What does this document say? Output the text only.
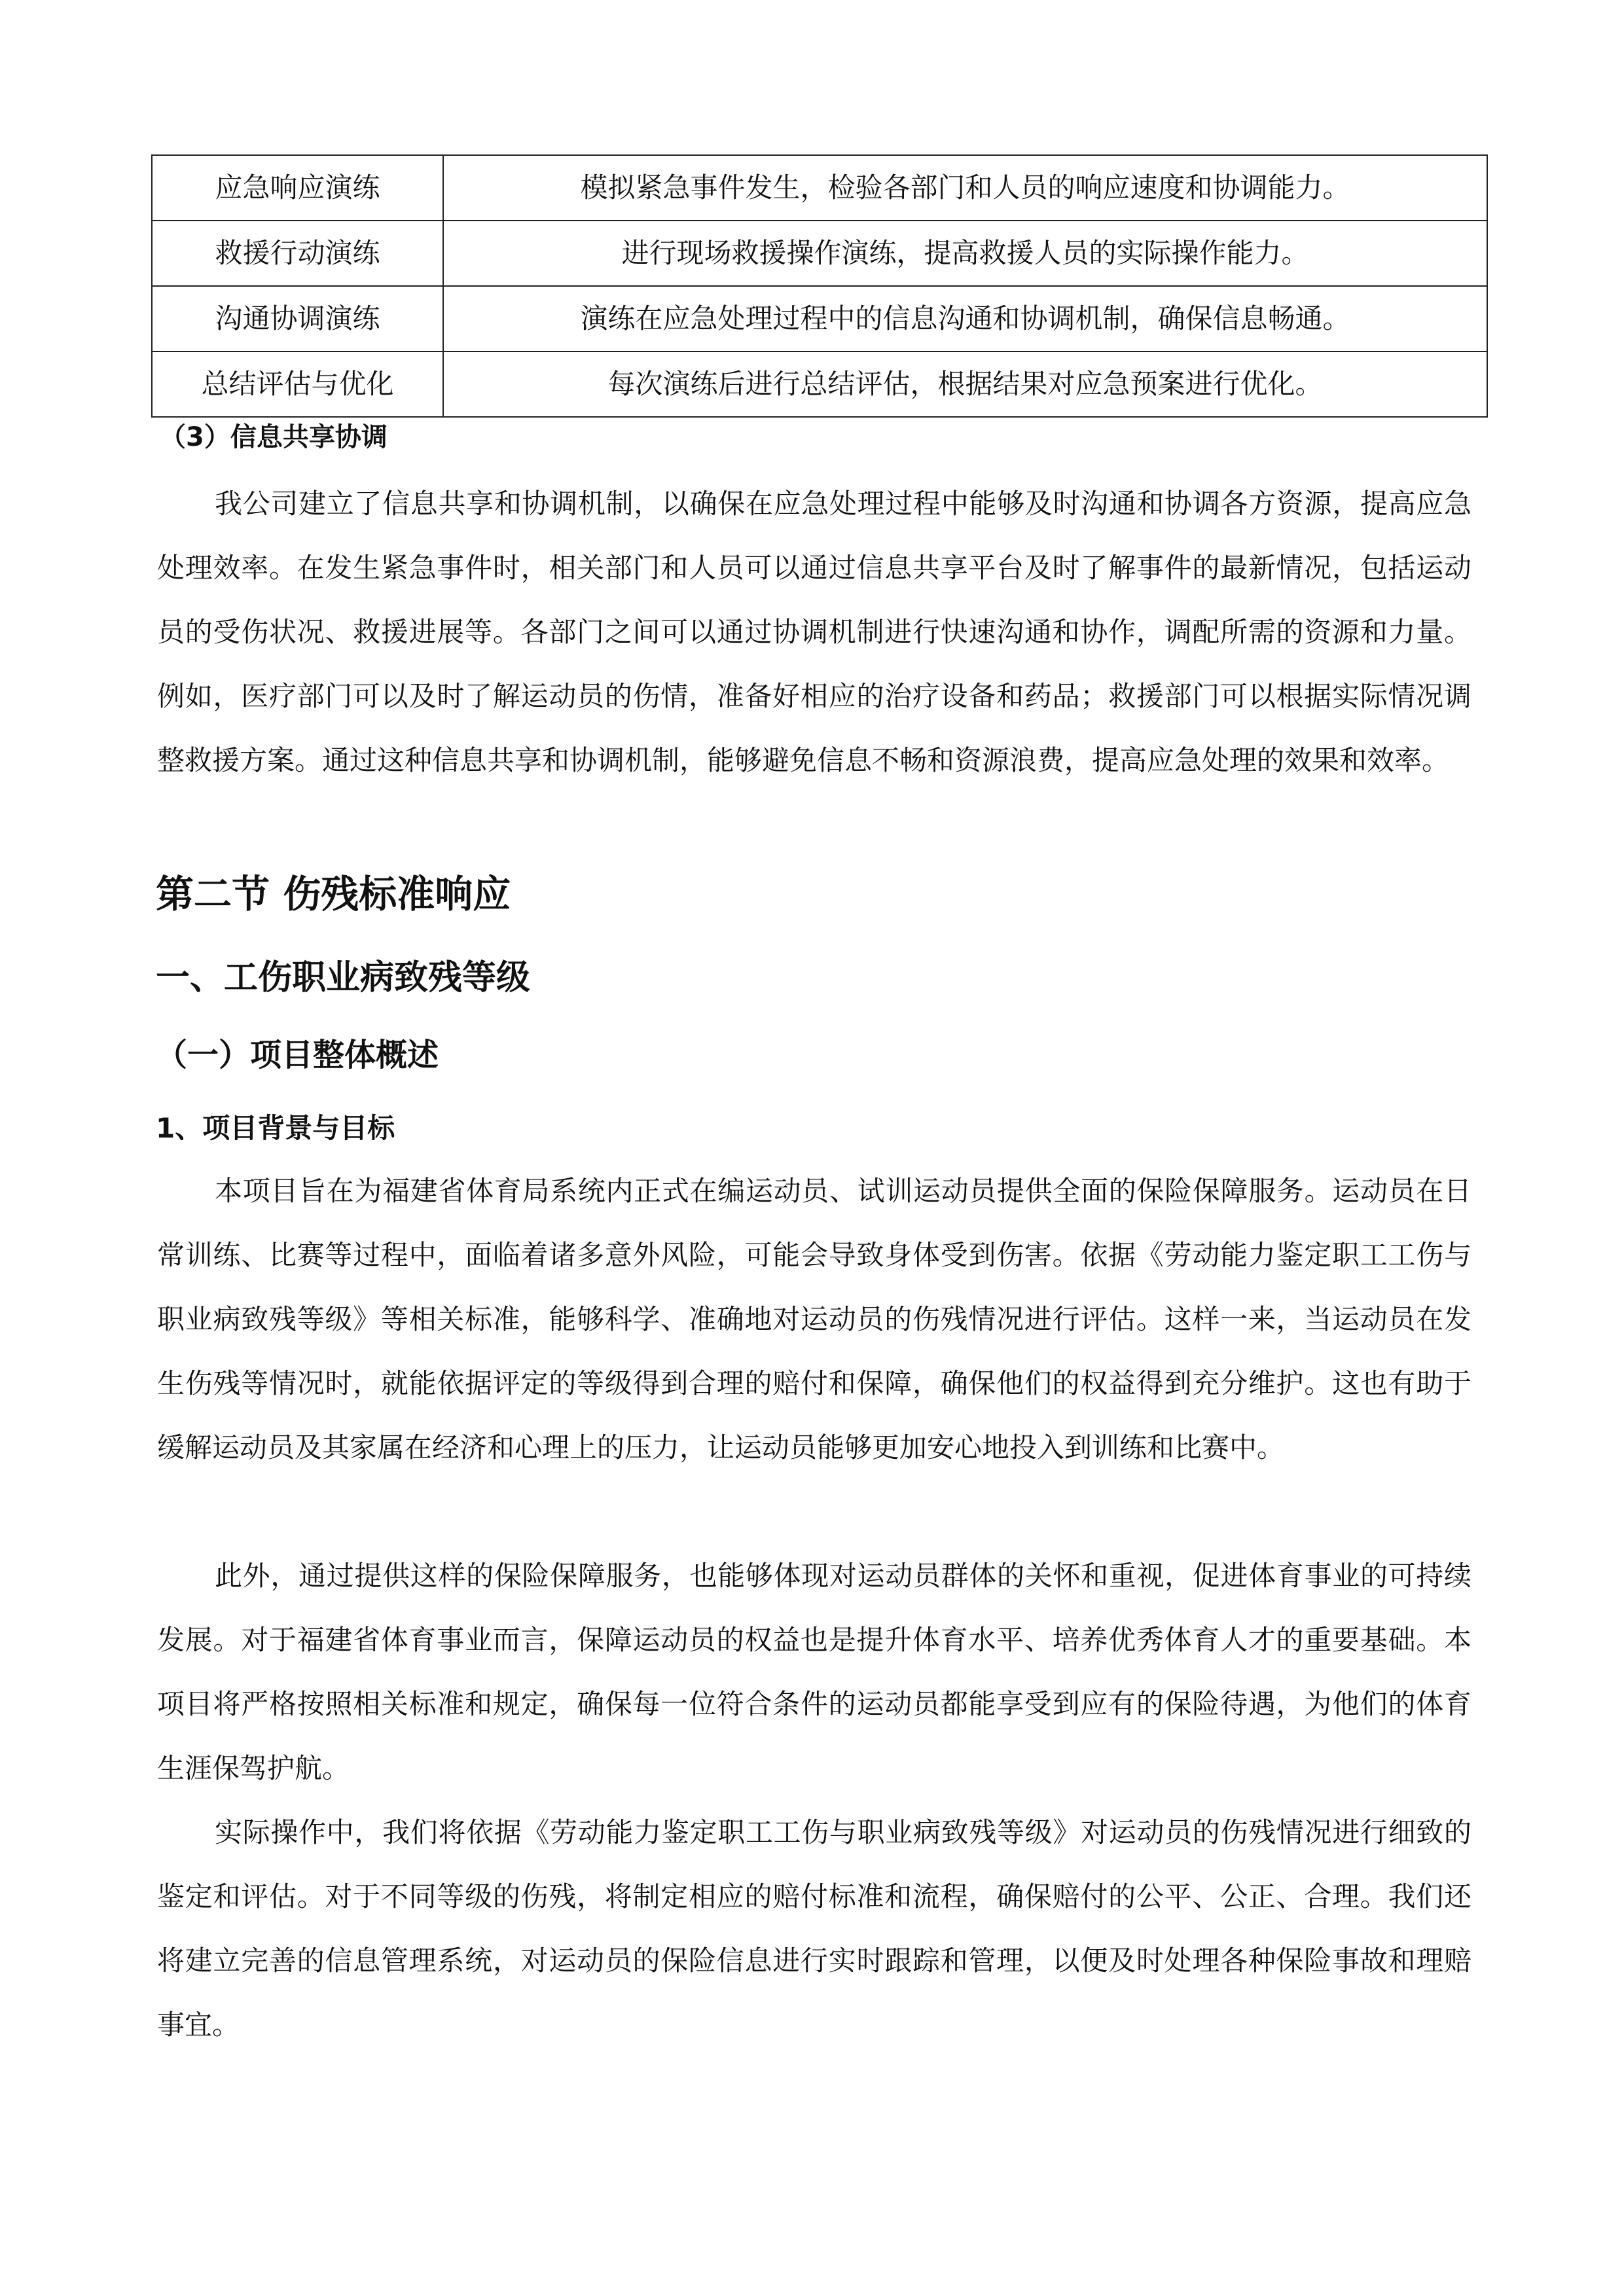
应急响应演练	模拟紧急事件发生，检验各部门和人员的响应速度和协调能力。
救援行动演练	进行现场救援操作演练，提高救援人员的实际操作能力。
沟通协调演练	演练在应急处理过程中的信息沟通和协调机制，确保信息畅通。
总结评估与优化	每次演练后进行总结评估，根据结果对应急预案进行优化。
（3）信息共享协调

我公司建立了信息共享和协调机制，以确保在应急处理过程中能够及时沟通和协调各方资源，提高应急处理效率。在发生紧急事件时，相关部门和人员可以通过信息共享平台及时了解事件的最新情况，包括运动员的受伤状况、救援进展等。各部门之间可以通过协调机制进行快速沟通和协作，调配所需的资源和力量。例如，医疗部门可以及时了解运动员的伤情，准备好相应的治疗设备和药品；救援部门可以根据实际情况调整救援方案。通过这种信息共享和协调机制，能够避免信息不畅和资源浪费，提高应急处理的效果和效率。

第二节 伤残标准响应
一、工伤职业病致残等级
（一）项目整体概述
1、项目背景与目标

本项目旨在为福建省体育局系统内正式在编运动员、试训运动员提供全面的保险保障服务。运动员在日常训练、比赛等过程中，面临着诸多意外风险，可能会导致身体受到伤害。依据《劳动能力鉴定职工工伤与职业病致残等级》等相关标准，能够科学、准确地对运动员的伤残情况进行评估。这样一来，当运动员在发生伤残等情况时，就能依据评定的等级得到合理的赔付和保障，确保他们的权益得到充分维护。这也有助于缓解运动员及其家属在经济和心理上的压力，让运动员能够更加安心地投入到训练和比赛中。

此外，通过提供这样的保险保障服务，也能够体现对运动员群体的关怀和重视，促进体育事业的可持续发展。对于福建省体育事业而言，保障运动员的权益也是提升体育水平、培养优秀体育人才的重要基础。本项目将严格按照相关标准和规定，确保每一位符合条件的运动员都能享受到应有的保险待遇，为他们的体育生涯保驾护航。

实际操作中，我们将依据《劳动能力鉴定职工工伤与职业病致残等级》对运动员的伤残情况进行细致的鉴定和评估。对于不同等级的伤残，将制定相应的赔付标准和流程，确保赔付的公平、公正、合理。我们还将建立完善的信息管理系统，对运动员的保险信息进行实时跟踪和管理，以便及时处理各种保险事故和理赔事宜。
